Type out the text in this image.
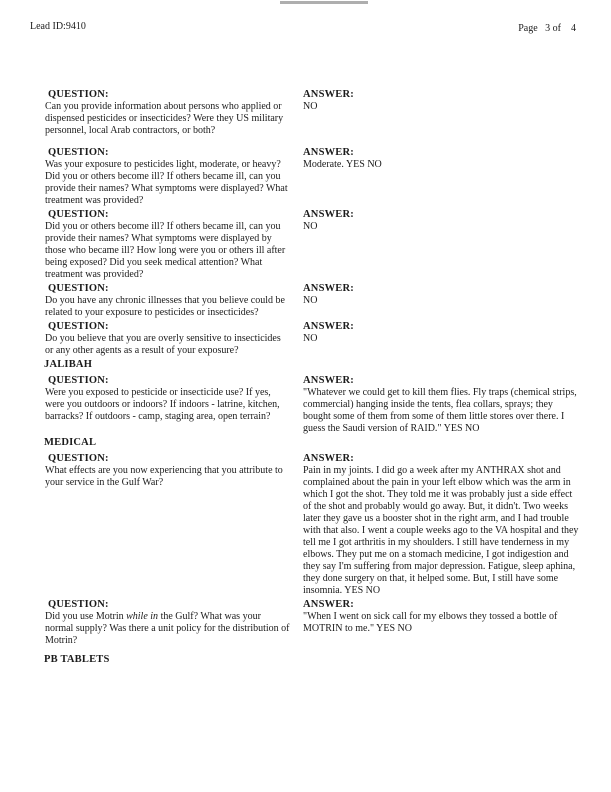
Lead ID:9410	Page   3 of    4
QUESTION:
Can you provide information about persons who applied or dispensed pesticides or insecticides? Were they US military personnel, local Arab contractors, or both?
ANSWER:
NO
QUESTION:
Was your exposure to pesticides light, moderate, or heavy? Did you or others become ill? If others became ill, can you provide their names? What symptoms were displayed? What treatment was provided?
ANSWER:
Moderate. YES NO
QUESTION:
Did you or others become ill? If others became ill, can you provide their names? What symptoms were displayed by those who became ill? How long were you or others ill after being exposed? Did you seek medical attention? What treatment was provided?
ANSWER:
NO
QUESTION:
Do you have any chronic illnesses that you believe could be related to your exposure to pesticides or insecticides?
ANSWER:
NO
QUESTION:
Do you believe that you are overly sensitive to insecticides or any other agents as a result of your exposure?
ANSWER:
NO
JALIBAH
QUESTION:
Were you exposed to pesticide or insecticide use? If yes, were you outdoors or indoors? If indoors - latrine, kitchen, barracks? If outdoors - camp, staging area, open terrain?
ANSWER:
"Whatever we could get to kill them flies. Fly traps (chemical strips, commercial) hanging inside the tents, flea collars, sprays; they bought some of them from some of them little stores over there. I guess the Saudi version of RAID." YES NO
MEDICAL
QUESTION:
What effects are you now experiencing that you attribute to your service in the Gulf War?
ANSWER:
Pain in my joints. I did go a week after my ANTHRAX shot and complained about the pain in your left elbow which was the arm in which I got the shot. They told me it was probably just a side effect of the shot and probably would go away. But, it didn't. Two weeks later they gave us a booster shot in the right arm, and I had trouble with that also. I went a couple weeks ago to the VA hospital and they tell me I got arthritis in my shoulders. I still have tenderness in my elbows. They put me on a stomach medicine, I got indigestion and they say I'm suffering from major depression. Fatigue, sleep aphina, they done surgery on that, it helped some. But, I still have some insomnia. YES NO
QUESTION:
Did you use Motrin while in the Gulf? What was your normal supply? Was there a unit policy for the distribution of Motrin?
ANSWER:
"When I went on sick call for my elbows they tossed a bottle of MOTRIN to me." YES NO
PB TABLETS
